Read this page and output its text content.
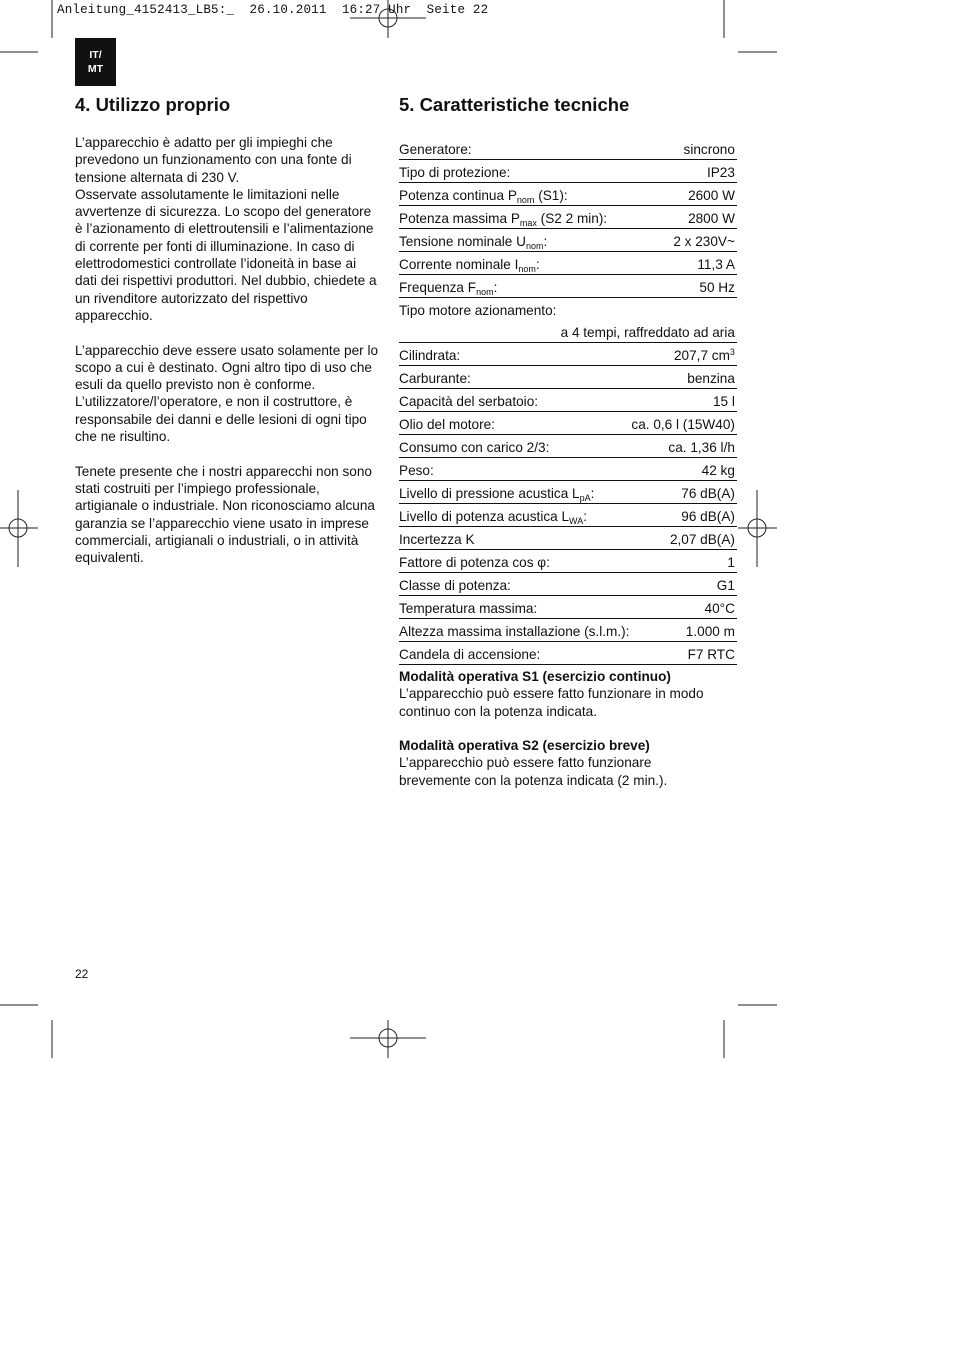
Anleitung_4152413_LB5:_  26.10.2011  16:27 Uhr  Seite 22
IT/
MT
4. Utilizzo proprio	5. Caratteristiche tecniche

L’apparecchio è adatto per gli impieghi che prevedono un funzionamento con una fonte di tensione alternata di 230 V.

Osservate assolutamente le limitazioni nelle avvertenze di sicurezza. Lo scopo del generatore è l’azionamento di elettroutensili e l’alimentazione di corrente per fonti di illuminazione. In caso di elettrodomestici controllate l’idoneità in base ai dati dei rispettivi produttori. Nel dubbio, chiedete a un rivenditore autorizzato del rispettivo apparecchio.

L’apparecchio deve essere usato solamente per lo scopo a cui è destinato. Ogni altro tipo di uso che esuli da quello previsto non è conforme. L’utilizzatore/l’operatore, e non il costruttore, è responsabile dei danni e delle lesioni di ogni tipo che ne risultino.

Tenete presente che i nostri apparecchi non sono stati costruiti per l’impiego professionale, artigianale o industriale. Non riconosciamo alcuna garanzia se l’apparecchio viene usato in imprese commerciali, artigianali o industriali, o in attività equivalenti.

Generatore:	sincrono
Tipo di protezione:	IP23
Potenza continua $P_{nom}$ (S1):	2600 W
Potenza massima $P_{max}$ (S2 2 min):	2800 W
Tensione nominale $U_{nom}$:	2 x 230V~
Corrente nominale $I_{nom}$:	11,3 A
Frequenza $F_{nom}$:	50 Hz
Tipo motore azionamento:	
a 4 tempi, raffreddato ad aria	
Cilindrata:	207,7 $cm^3$
Carburante:	benzina
Capacità del serbatoio:	15 l
Olio del motore:	ca. 0,6 l (15W40)
Consumo con carico 2/3:	ca. 1,36 l/h
Peso:	42 kg
Livello di pressione acustica $L_{pA}$:	76 dB(A)
Livello di potenza acustica $L_{WA}$:	96 dB(A)
Incertezza K	2,07 dB(A)
Fattore di potenza cos φ:	1
Classe di potenza:	G1
Temperatura massima:	40°C
Altezza massima installazione (s.l.m.):	1.000 m
Candela di accensione:	F7 RTC
Modalità operativa S1 (esercizio continuo)
L’apparecchio può essere fatto funzionare in modo continuo con la potenza indicata.
Modalità operativa S2 (esercizio breve)
L’apparecchio può essere fatto funzionare brevemente con la potenza indicata (2 min.).
22
